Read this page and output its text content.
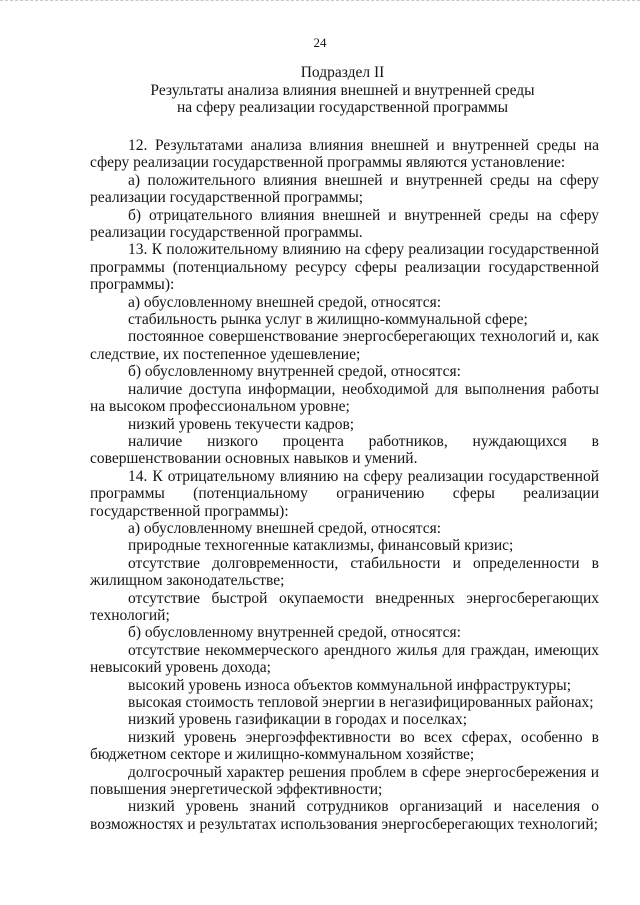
24
Подраздел II
Результаты анализа влияния внешней и внутренней среды
на сферу реализации государственной программы

12. Результатами анализа влияния внешней и внутренней среды на сферу реализации государственной программы являются установление:

а) положительного влияния внешней и внутренней среды на сферу реализации государственной программы;

б) отрицательного влияния внешней и внутренней среды на сферу реализации государственной программы.

13. К положительному влиянию на сферу реализации государственной программы (потенциальному ресурсу сферы реализации государственной программы):

а) обусловленному внешней средой, относятся:

стабильность рынка услуг в жилищно-коммунальной сфере;

постоянное совершенствование энергосберегающих технологий и, как следствие, их постепенное удешевление;

б) обусловленному внутренней средой, относятся:

наличие доступа информации, необходимой для выполнения работы на высоком профессиональном уровне;

низкий уровень текучести кадров;

наличие низкого процента работников, нуждающихся в совершенствовании основных навыков и умений.

14. К отрицательному влиянию на сферу реализации государственной программы (потенциальному ограничению сферы реализации государственной программы):

а) обусловленному внешней средой, относятся:

природные техногенные катаклизмы, финансовый кризис;

отсутствие долговременности, стабильности и определенности в жилищном законодательстве;

отсутствие быстрой окупаемости внедренных энергосберегающих технологий;

б) обусловленному внутренней средой, относятся:

отсутствие некоммерческого арендного жилья для граждан, имеющих невысокий уровень дохода;

высокий уровень износа объектов коммунальной инфраструктуры;

высокая стоимость тепловой энергии в негазифицированных районах;

низкий уровень газификации в городах и поселках;

низкий уровень энергоэффективности во всех сферах, особенно в бюджетном секторе и жилищно-коммунальном хозяйстве;

долгосрочный характер решения проблем в сфере энергосбережения и повышения энергетической эффективности;

низкий уровень знаний сотрудников организаций и населения о возможностях и результатах использования энергосберегающих технологий;
